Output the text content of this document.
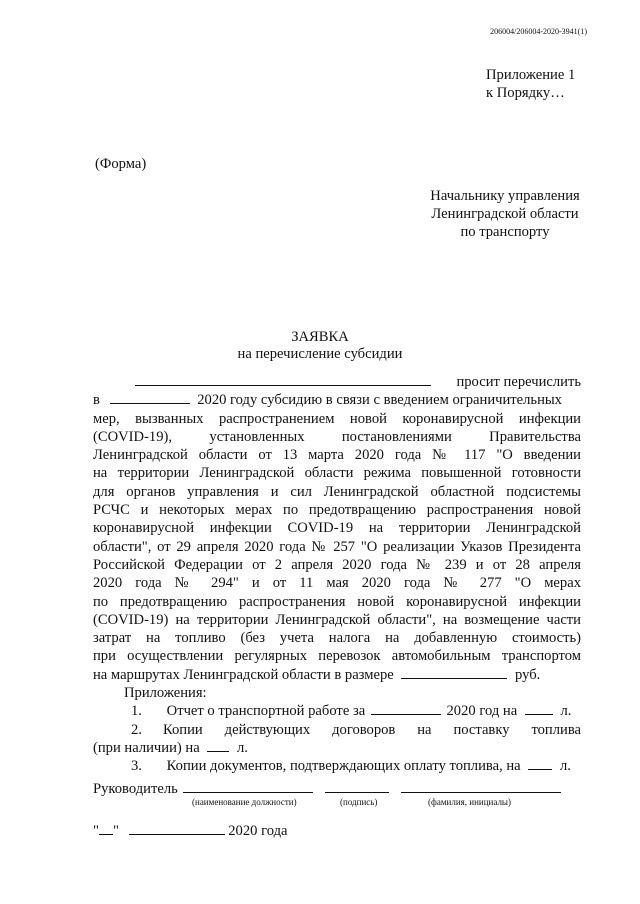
206004/206004-2020-3941(1)
Приложение 1
к Порядку…
(Форма)
Начальнику управления
Ленинградской области
по транспорту
ЗАЯВКА
на перечисление субсидии
просит перечислить
в	2020 году субсидию в связи с введением ограничительных
мер, вызванных распространением новой коронавирусной инфекции
(COVID-19), установленных постановлениями Правительства
Ленинградской области от 13 марта 2020 года № 117 "О введении
на территории Ленинградской области режима повышенной готовности
для органов управления и сил Ленинградской областной подсистемы
РСЧС и некоторых мерах по предотвращению распространения новой
коронавирусной инфекции COVID-19 на территории Ленинградской
области", от 29 апреля 2020 года № 257 "О реализации Указов Президента
Российской Федерации от 2 апреля 2020 года № 239 и от 28 апреля
2020 года № 294" и от 11 мая 2020 года № 277 "О мерах
по предотвращению распространения новой коронавирусной инфекции
(COVID-19) на территории Ленинградской области", на возмещение части
затрат на топливо (без учета налога на добавленную стоимость)
при осуществлении регулярных перевозок автомобильным транспортом
на маршрутах Ленинградской области в размере	руб.
Приложения:
1. Отчет о транспортной работе за	2020 год на	л.
2.	Копии действующих договоров на поставку топлива
(при наличии) на	л.
3. Копии документов, подтверждающих оплату топлива, на	л.
Руководитель
(наименование должности)	(подпись)	(фамилия, инициалы)
" "	2020 года
